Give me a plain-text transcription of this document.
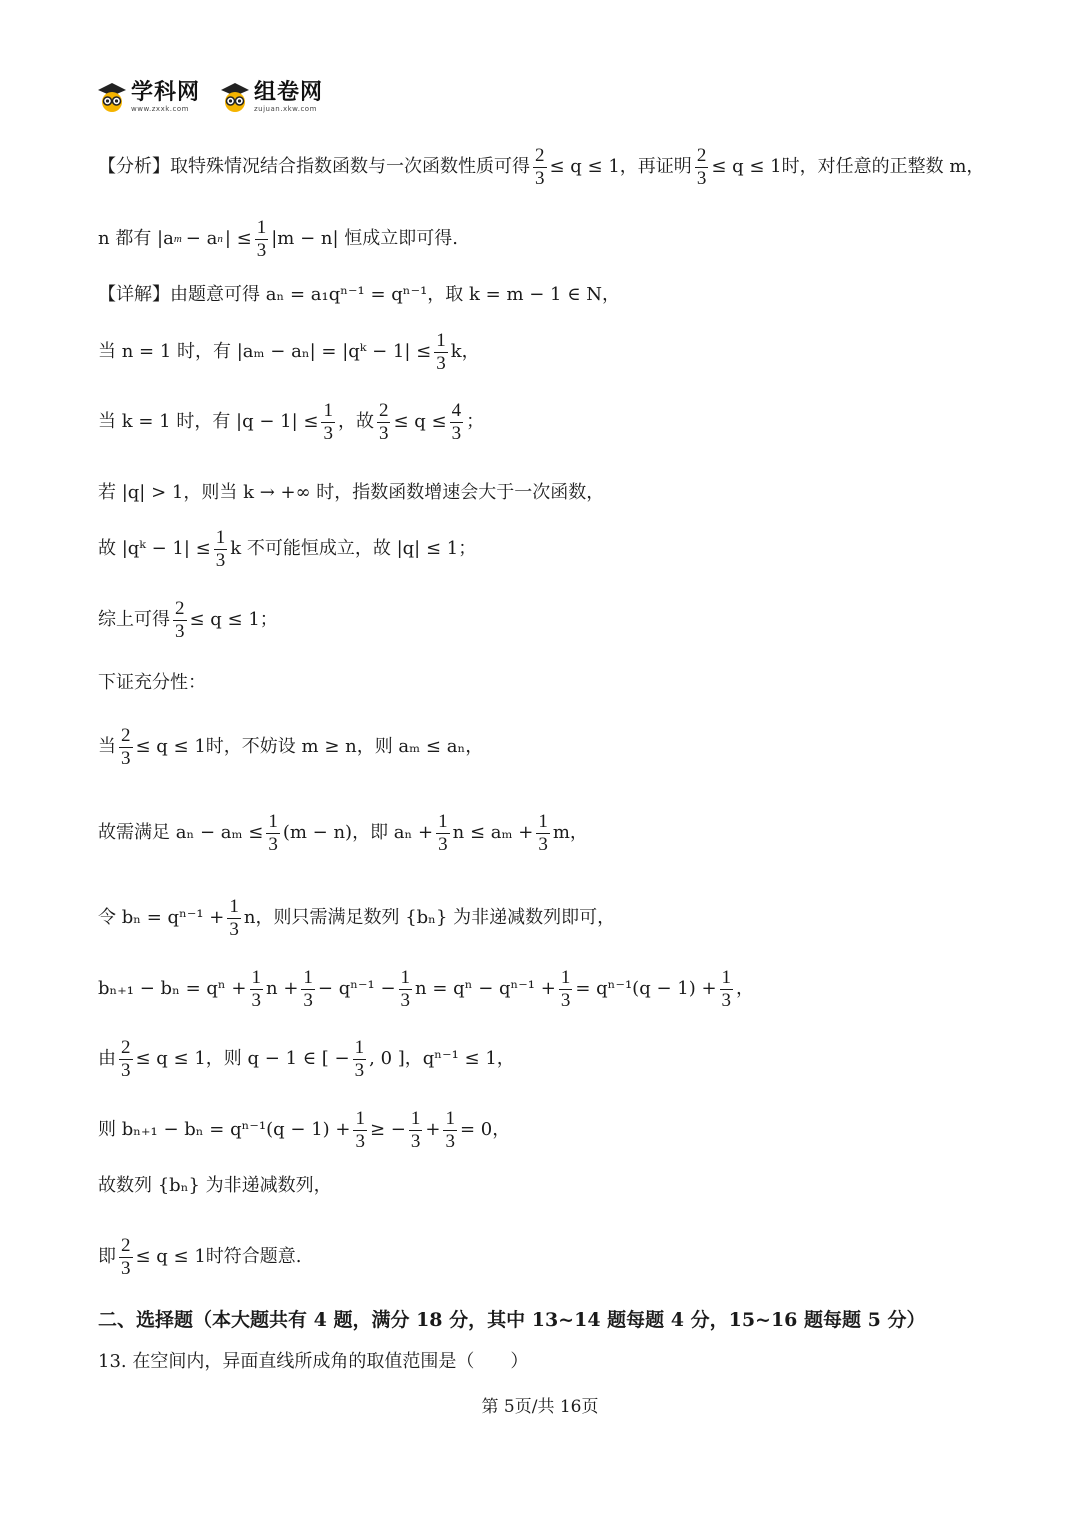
学科网
www.zxxk.com
组卷网
zujuan.xkw.com
【分析】取特殊情况结合指数函数与一次函数性质可得 $\frac{2}{3} \le q \le 1$，再证明 $\frac{2}{3} \le q \le 1$时，对任意的正整数 m，
n 都有 |a m − a n | ≤ $\frac{1}{3} |m - n|$ 恒成立即可得.
【详解】由题意可得 aₙ = a₁qⁿ⁻¹ = qⁿ⁻¹，取 k = m − 1 ∈ N，
当 n = 1 时，有 |aₘ − aₙ| = |qᵏ − $1| \le \frac{1}{3}$ k，
当 k = 1 时，有 $|q - 1| \le \frac{1}{3}$ ，故 $\frac{2}{3} \le q \le \frac{4}{3}$ ；
若 |q| > 1，则当 k → +∞ 时，指数函数增速会大于一次函数，
故 |qᵏ − $1| \le \frac{1}{3}$ k 不可能恒成立，故 |q| ≤ 1；
综上可得 $\frac{2}{3} \le q \le 1$；
下证充分性：
当 $\frac{2}{3} \le q \le 1$时，不妨设 m ≥ n，则 aₘ ≤ aₙ，
故需满足 $a_n - a_m \le \frac{1}{3} (m - n)$，即 $a_n + \frac{1}{3}$ $n \le a_m + \frac{1}{3}$ m，
令 $b_n = q^{n-1} + \frac{1}{3}$ n，则只需满足数列 {bₙ} 为非递减数列即可，
$b_{n+1} - b_n = q^n + \frac{1}{3}$ $n + \frac{1}{3} - q^{n-1} - \frac{1}{3}$ $n = q^n - q^{n-1} + \frac{1}{3} = q^{n-1}(q - 1) + \frac{1}{3}$ ，
由 $\frac{2}{3} \le q \le 1$，则 q − 1 ∈ [ − $\frac{1}{3}$ , 0 ]，qⁿ⁻¹ ≤ 1，
则 $b_{n+1} - b_n = q^{n-1}(q - 1) + \frac{1}{3}$ ≥ − $\frac{1}{3} + \frac{1}{3} = 0$，
故数列 {bₙ} 为非递减数列，
即 $\frac{2}{3} \le q \le 1$时符合题意.
二、选择题（本大题共有 4 题，满分 18 分，其中 13~14 题每题 4 分，15~16 题每题 5 分）
13. 在空间内，异面直线所成角的取值范围是（　　）
第 5页/共 16页
